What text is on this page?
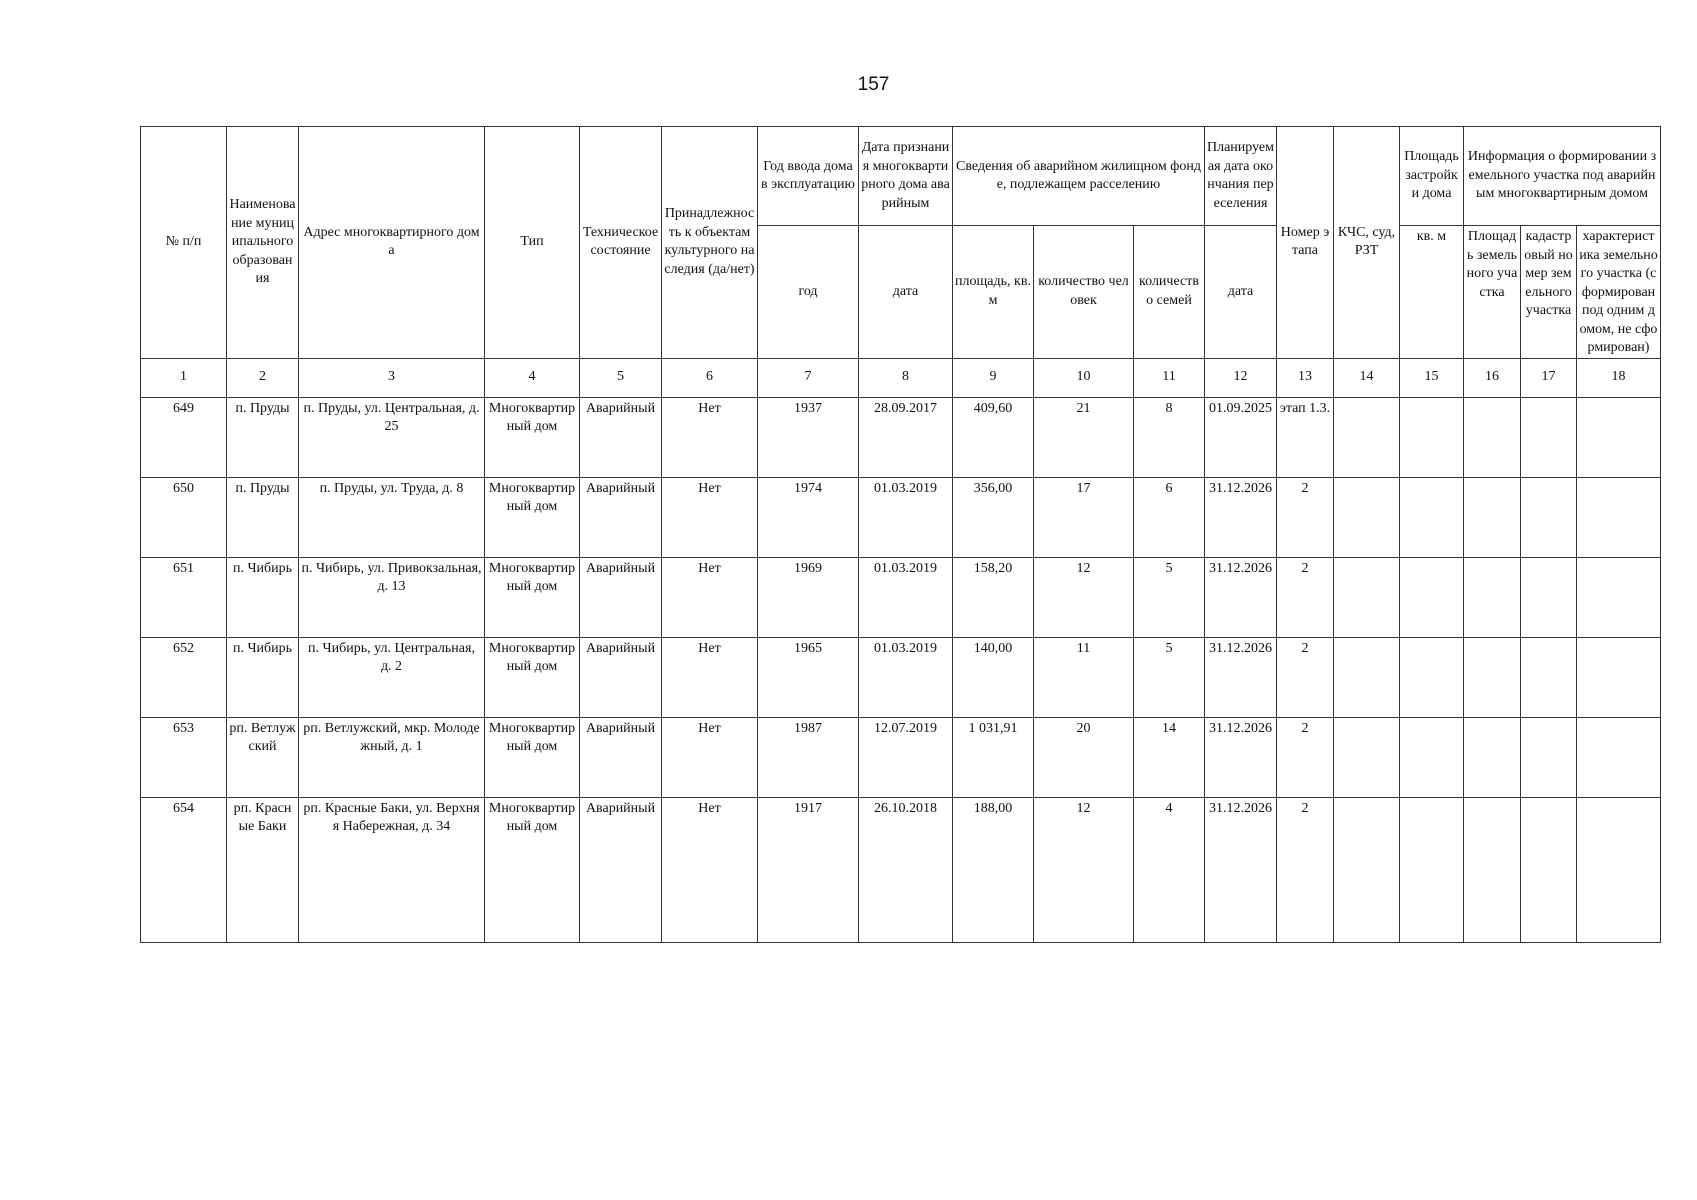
157
№ п/п	Наименование муниципального образования	Адрес многоквартирного дома	Тип	Техническое состояние	Принадлежность к объектам культурного наследия (да/нет)	Год ввода дома в эксплуатацию	Дата признания многоквартирного дома аварийным	Сведения об аварийном жилищном фонде, подлежащем расселению			Планируемая дата окончания переселения	Номер этапа	КЧС, суд, РЗТ	Площадь застройки дома	Информация о формировании земельного участка под аварийным многоквартирным домом		
															Площадь земельного участка	кадастровый номер земельного участка	характеристика земельного участка (сформирован под одним домом, не сформирован)
						год	дата	площадь, кв.м	количество человек	количество семей	дата			кв. м			
1	2	3	4	5	6	7	8	9	10	11	12	13	14	15	16	17	18
649	п. Пруды	п. Пруды, ул. Центральная, д. 25	Многоквартирный дом	Аварийный	Нет	1937	28.09.2017	409,60	21	8	01.09.2025	этап 1.3.					
650	п. Пруды	п. Пруды, ул. Труда, д. 8	Многоквартирный дом	Аварийный	Нет	1974	01.03.2019	356,00	17	6	31.12.2026	2					
651	п. Чибирь	п. Чибирь, ул. Привокзальная, д. 13	Многоквартирный дом	Аварийный	Нет	1969	01.03.2019	158,20	12	5	31.12.2026	2					
652	п. Чибирь	п. Чибирь, ул. Центральная, д. 2	Многоквартирный дом	Аварийный	Нет	1965	01.03.2019	140,00	11	5	31.12.2026	2					
653	рп. Ветлужский	рп. Ветлужский, мкр. Молодежный, д. 1	Многоквартирный дом	Аварийный	Нет	1987	12.07.2019	1 031,91	20	14	31.12.2026	2					
654	рп. Красные Баки	рп. Красные Баки, ул. Верхняя Набережная, д. 34	Многоквартирный дом	Аварийный	Нет	1917	26.10.2018	188,00	12	4	31.12.2026	2					
